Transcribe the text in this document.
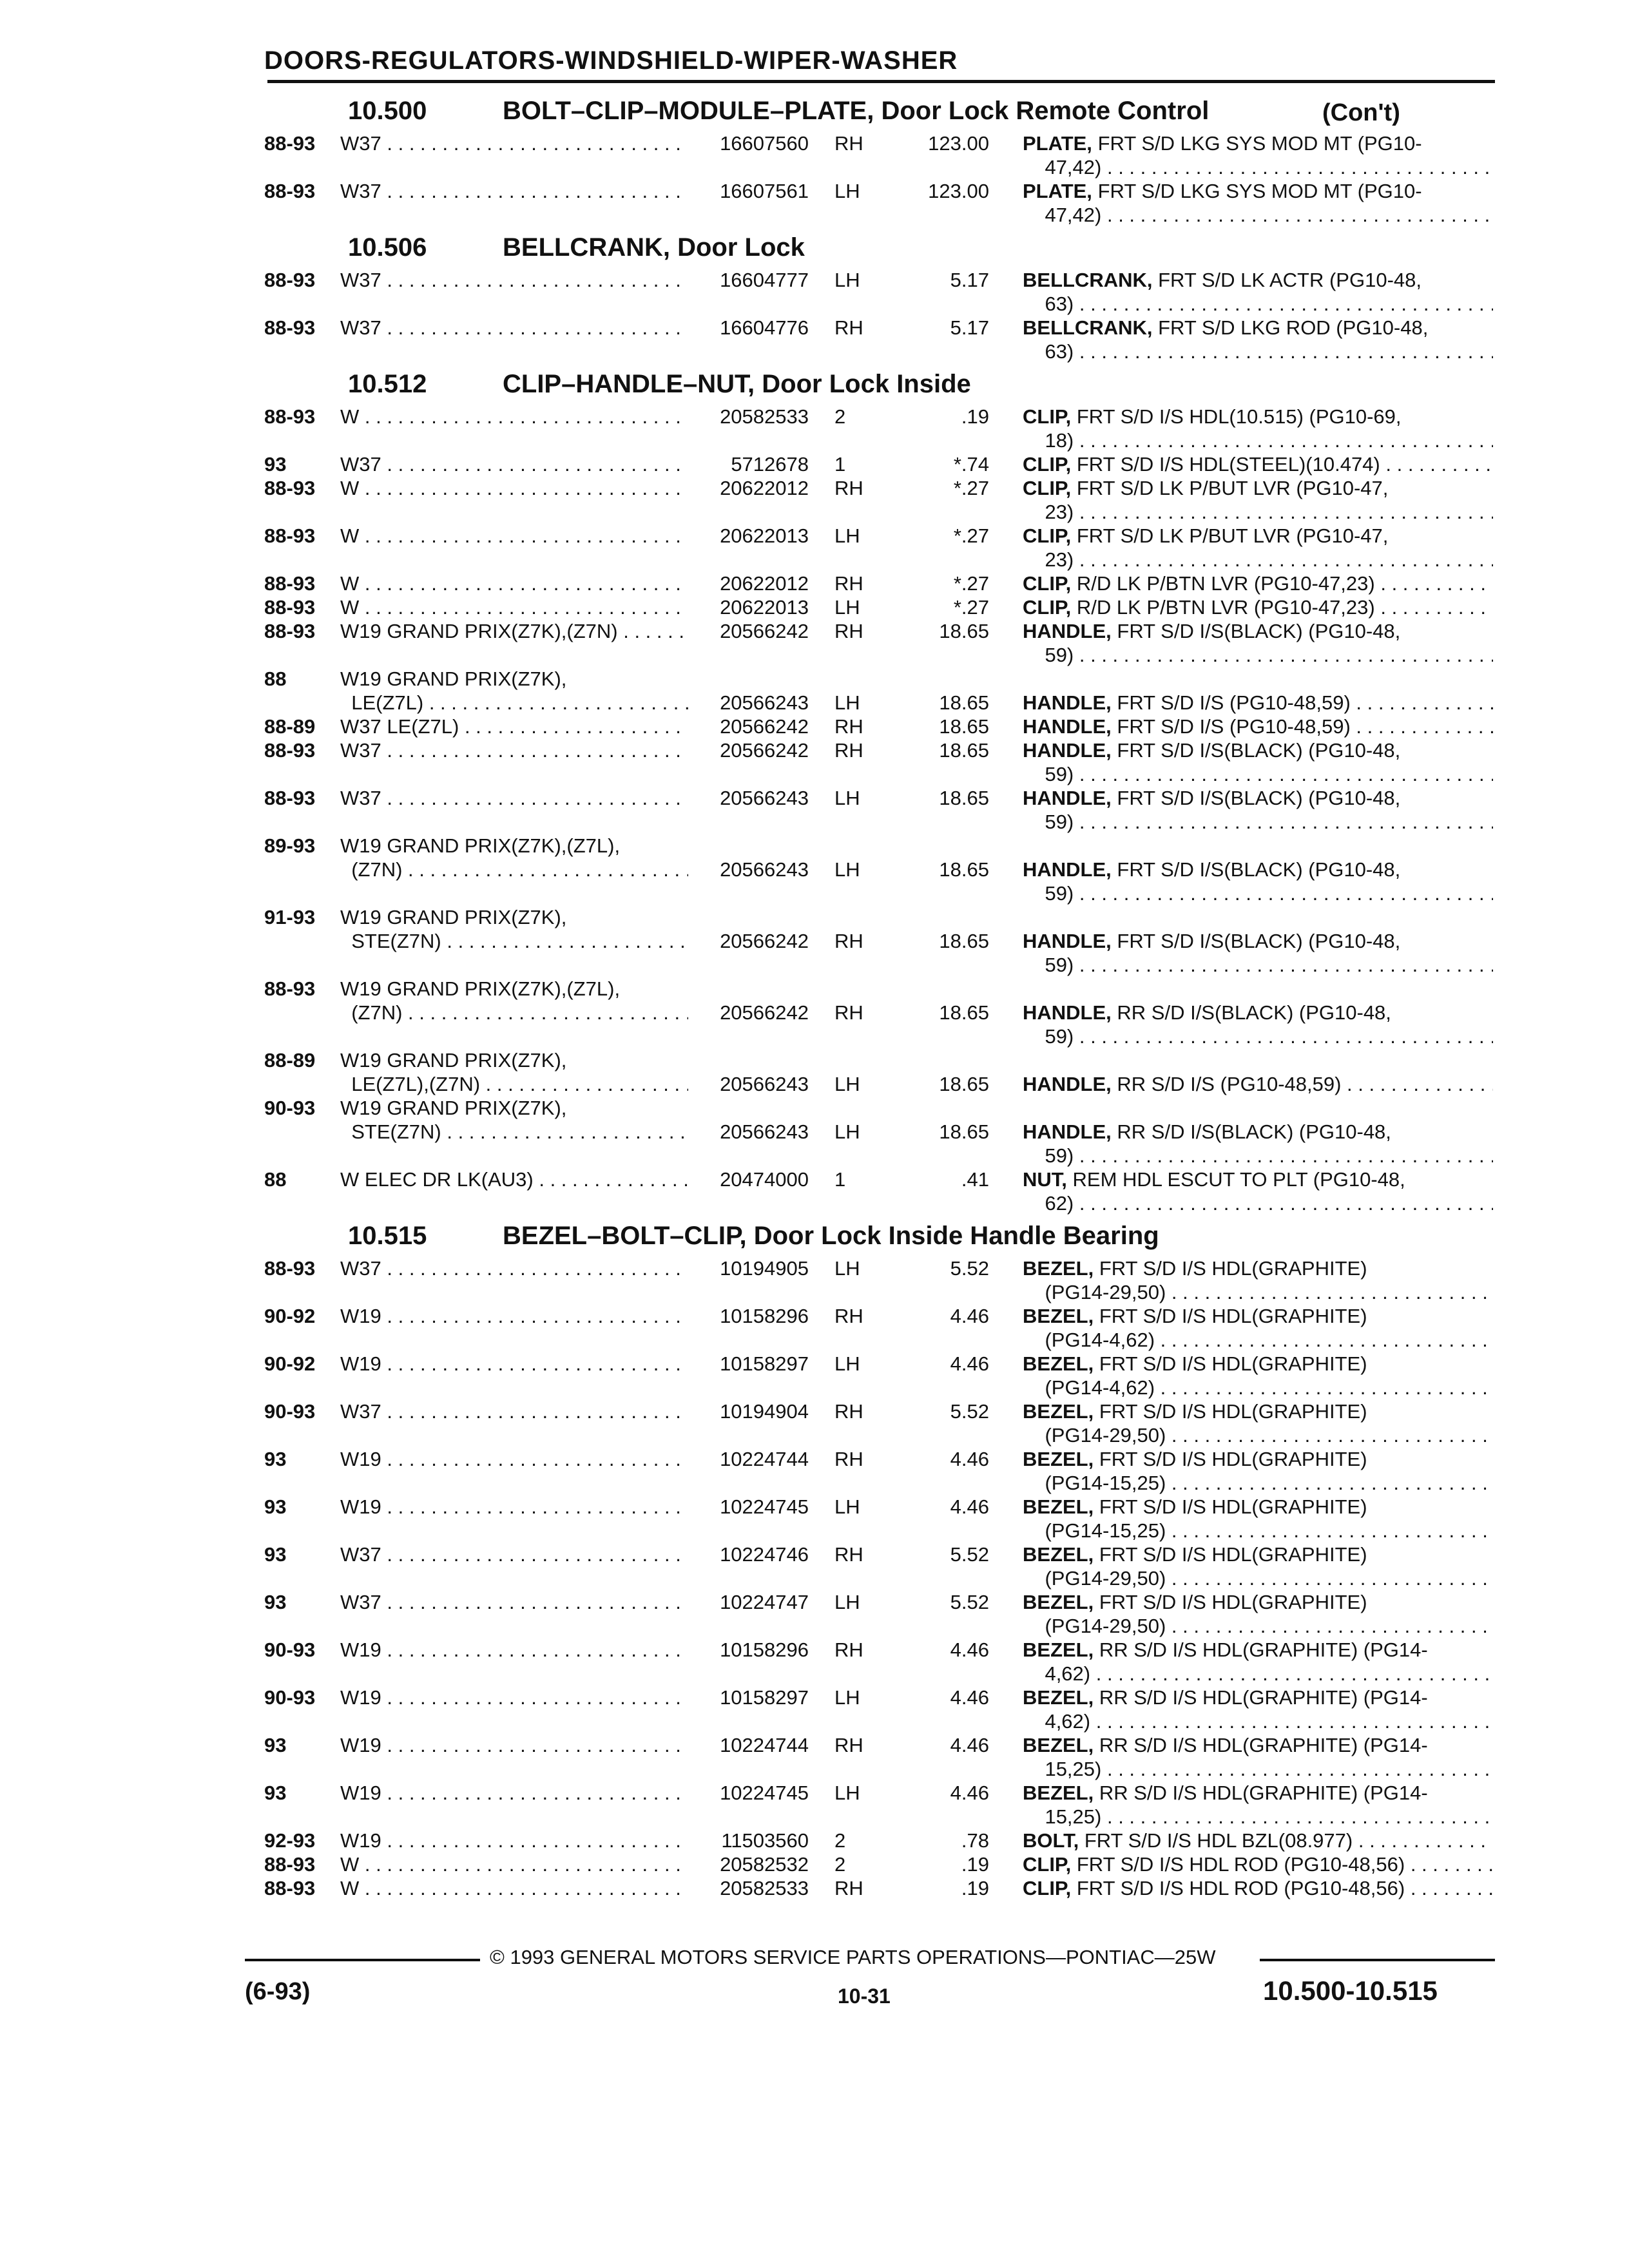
DOORS-REGULATORS-WINDSHIELD-WIPER-WASHER
10.500	BOLT–CLIP–MODULE–PLATE, Door Lock Remote Control	(Con't)
88-93 W37 . . .	16607560 RH	123.00 PLATE, FRT S/D LKG SYS MOD MT (PG10-
47,42) . . .
88-93 W37 . . .	16607561 LH	123.00 PLATE, FRT S/D LKG SYS MOD MT (PG10-
47,42) . . .
10.506	BELLCRANK, Door Lock
88-93 W37 . . .	16604777 LH	5.17 BELLCRANK, FRT S/D LK ACTR (PG10-48,
63) . . .
88-93 W37 . . .	16604776 RH	5.17 BELLCRANK, FRT S/D LKG ROD (PG10-48,
63) . . .
10.512	CLIP–HANDLE–NUT, Door Lock Inside
88-93 W . . .	20582533 2	.19 CLIP, FRT S/D I/S HDL(10.515) (PG10-69,
18) . . .
93	W37 . . .	5712678 1	*.74 CLIP, FRT S/D I/S HDL(STEEL)(10.474) . . .
88-93 W . . .	20622012 RH	*.27 CLIP, FRT S/D LK P/BUT LVR (PG10-47,
23) . . .
88-93 W . . .	20622013 LH	*.27 CLIP, FRT S/D LK P/BUT LVR (PG10-47,
23) . . .
88-93 W . . .	20622012 RH	*.27 CLIP, R/D LK P/BTN LVR (PG10-47,23) . . .
88-93 W . . .	20622013 LH	*.27 CLIP, R/D LK P/BTN LVR (PG10-47,23) . . .
88-93 W19 GRAND PRIX(Z7K),(Z7N) . . .	20566242 RH	18.65 HANDLE, FRT S/D I/S(BLACK) (PG10-48,
59) . . .
88	W19 GRAND PRIX(Z7K),
LE(Z7L) . . .	20566243 LH	18.65 HANDLE, FRT S/D I/S (PG10-48,59) . . .
88-89 W37 LE(Z7L) . . .	20566242 RH	18.65 HANDLE, FRT S/D I/S (PG10-48,59) . . .
88-93 W37 . . .	20566242 RH	18.65 HANDLE, FRT S/D I/S(BLACK) (PG10-48,
59) . . .
88-93 W37 . . .	20566243 LH	18.65 HANDLE, FRT S/D I/S(BLACK) (PG10-48,
59) . . .
89-93 W19 GRAND PRIX(Z7K),(Z7L),
(Z7N) . . .	20566243 LH	18.65 HANDLE, FRT S/D I/S(BLACK) (PG10-48,
59) . . .
91-93 W19 GRAND PRIX(Z7K),
STE(Z7N) . . .	20566242 RH	18.65 HANDLE, FRT S/D I/S(BLACK) (PG10-48,
59) . . .
88-93 W19 GRAND PRIX(Z7K),(Z7L),
(Z7N) . . .	20566242 RH	18.65 HANDLE, RR S/D I/S(BLACK) (PG10-48,
59) . . .
88-89 W19 GRAND PRIX(Z7K),
LE(Z7L),(Z7N) . . .	20566243 LH	18.65 HANDLE, RR S/D I/S (PG10-48,59) . . .
90-93 W19 GRAND PRIX(Z7K),
STE(Z7N) . . .	20566243 LH	18.65 HANDLE, RR S/D I/S(BLACK) (PG10-48,
59) . . .
88	W ELEC DR LK(AU3) . . .	20474000 1	.41 NUT, REM HDL ESCUT TO PLT (PG10-48,
62) . . .
10.515	BEZEL–BOLT–CLIP, Door Lock Inside Handle Bearing
88-93 W37 . . .	10194905 LH	5.52 BEZEL, FRT S/D I/S HDL(GRAPHITE)
(PG14-29,50) . . .
90-92 W19 . . .	10158296 RH	4.46 BEZEL, FRT S/D I/S HDL(GRAPHITE)
(PG14-4,62) . . .
90-92 W19 . . .	10158297 LH	4.46 BEZEL, FRT S/D I/S HDL(GRAPHITE)
(PG14-4,62) . . .
90-93 W37 . . .	10194904 RH	5.52 BEZEL, FRT S/D I/S HDL(GRAPHITE)
(PG14-29,50) . . .
93	W19 . . .	10224744 RH	4.46 BEZEL, FRT S/D I/S HDL(GRAPHITE)
(PG14-15,25) . . .
93	W19 . . .	10224745 LH	4.46 BEZEL, FRT S/D I/S HDL(GRAPHITE)
(PG14-15,25) . . .
93	W37 . . .	10224746 RH	5.52 BEZEL, FRT S/D I/S HDL(GRAPHITE)
(PG14-29,50) . . .
93	W37 . . .	10224747 LH	5.52 BEZEL, FRT S/D I/S HDL(GRAPHITE)
(PG14-29,50) . . .
90-93 W19 . . .	10158296 RH	4.46 BEZEL, RR S/D I/S HDL(GRAPHITE) (PG14-
4,62) . . .
90-93 W19 . . .	10158297 LH	4.46 BEZEL, RR S/D I/S HDL(GRAPHITE) (PG14-
4,62) . . .
93	W19 . . .	10224744 RH	4.46 BEZEL, RR S/D I/S HDL(GRAPHITE) (PG14-
15,25) . . .
93	W19 . . .	10224745 LH	4.46 BEZEL, RR S/D I/S HDL(GRAPHITE) (PG14-
15,25) . . .
92-93 W19 . . .	11503560 2	.78 BOLT, FRT S/D I/S HDL BZL(08.977) . . .
88-93 W . . .	20582532 2	.19 CLIP, FRT S/D I/S HDL ROD (PG10-48,56) . . .
88-93 W . . .	20582533 RH	.19 CLIP, FRT S/D I/S HDL ROD (PG10-48,56) . . .
© 1993 GENERAL MOTORS SERVICE PARTS OPERATIONS—PONTIAC—25W
(6-93)	10-31	10.500-10.515
